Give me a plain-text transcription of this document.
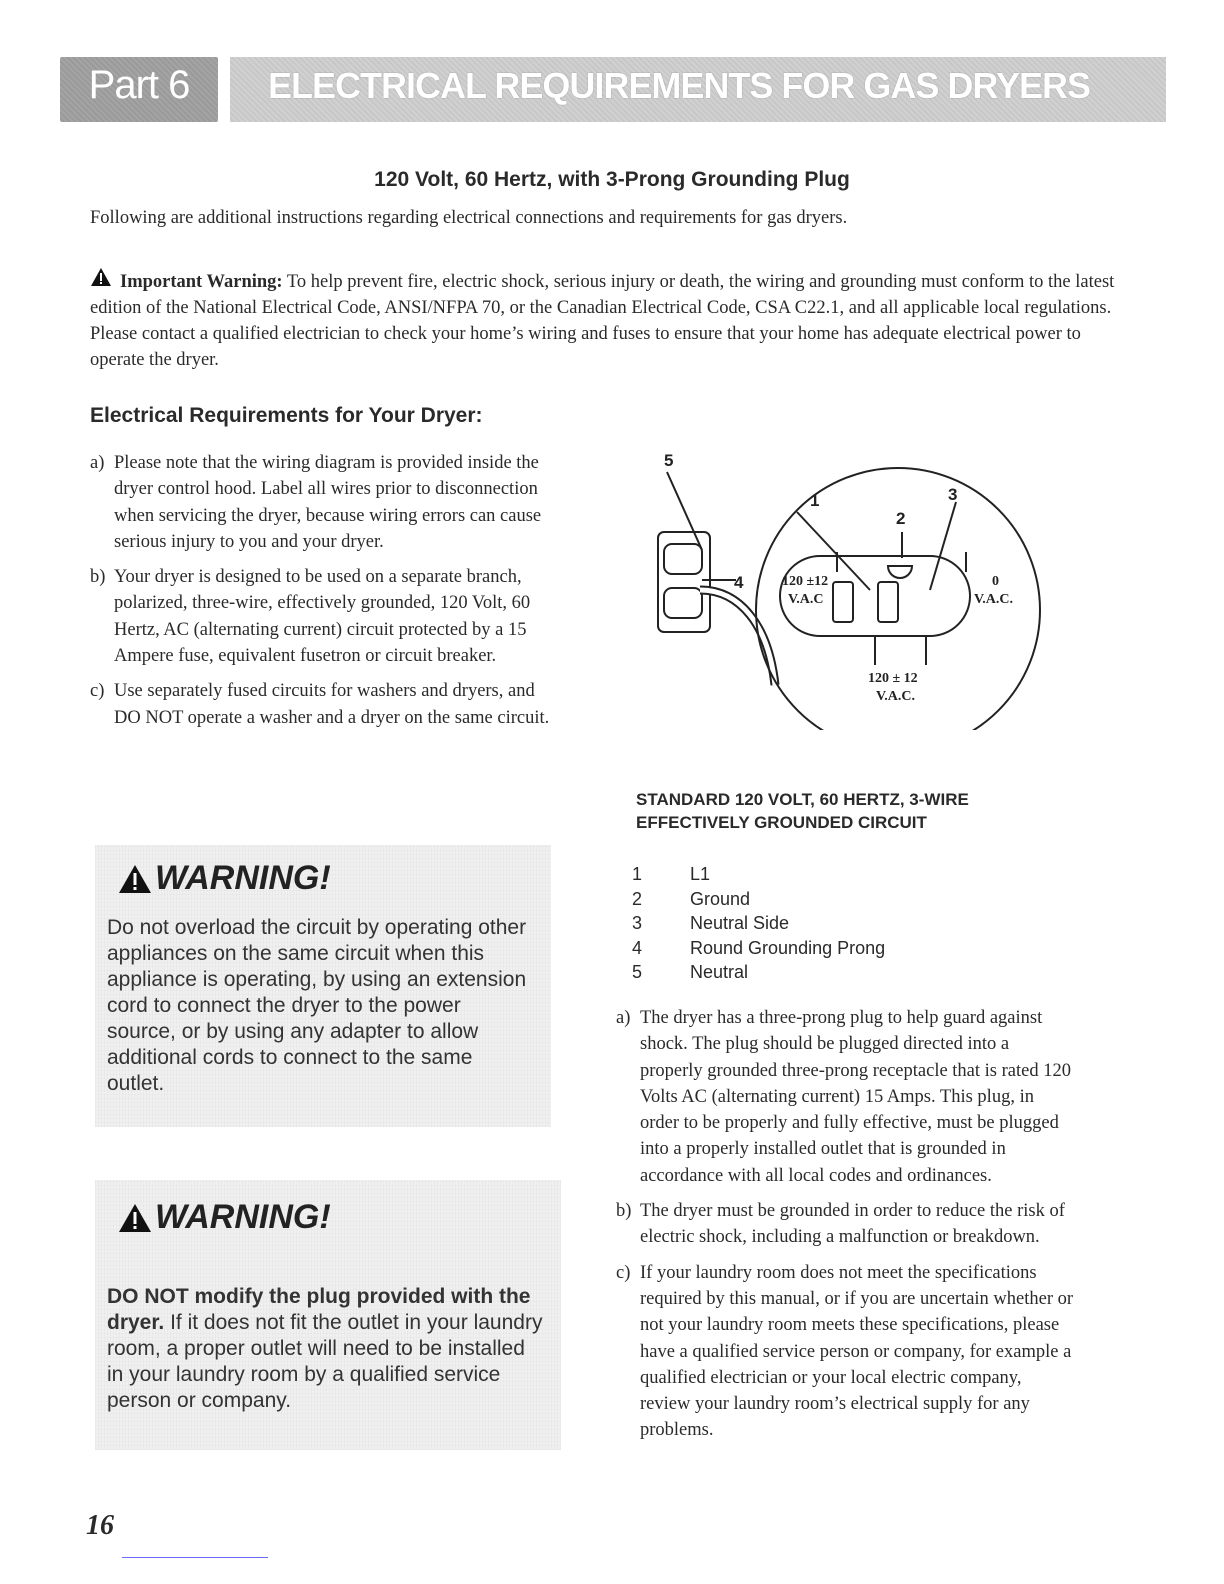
Part 6	ELECTRICAL REQUIREMENTS FOR GAS DRYERS
120 Volt, 60 Hertz, with 3-Prong Grounding Plug
Following are additional instructions regarding electrical connections and requirements for gas dryers.
Important Warning: To help prevent fire, electric shock, serious injury or death, the wiring and grounding must conform to the latest edition of the National Electrical Code, ANSI/NFPA 70, or the Canadian Electrical Code, CSA C22.1, and all applicable local regulations. Please contact a qualified electrician to check your home’s wiring and fuses to ensure that your home has adequate electrical power to operate the dryer.
Electrical Requirements for Your Dryer:
a) Please note that the wiring diagram is provided inside the dryer control hood. Label all wires prior to disconnection when servicing the dryer, because wiring errors can cause serious injury to you and your dryer.
b) Your dryer is designed to be used on a separate branch, polarized, three-wire, effectively grounded, 120 Volt, 60 Hertz, AC (alternating current) circuit protected by a 15 Ampere fuse, equivalent fusetron or circuit breaker.
c) Use separately fused circuits for washers and dryers, and DO NOT operate a washer and a dryer on the same circuit.
WARNING!
Do not overload the circuit by operating other appliances on the same circuit when this appliance is operating, by using an extension cord to connect the dryer to the power source, or by using any adapter to allow additional cords to connect to the same outlet.
WARNING!
DO NOT modify the plug provided with the dryer. If it does not fit the outlet in your laundry room, a proper outlet will need to be installed in your laundry room by a qualified service person or company.
5
1	3
2
4	120 ±12
V.A.C
0
V.A.C.
120 ± 12
V.A.C.
STANDARD 120 VOLT, 60 HERTZ, 3-WIRE EFFECTIVELY GROUNDED CIRCUIT
1	L1
2	Ground
3	Neutral Side
4	Round Grounding Prong
5	Neutral
a) The dryer has a three-prong plug to help guard against shock. The plug should be plugged directed into a properly grounded three-prong receptacle that is rated 120 Volts AC (alternating current) 15 Amps. This plug, in order to be properly and fully effective, must be plugged into a properly installed outlet that is grounded in accordance with all local codes and ordinances.
b) The dryer must be grounded in order to reduce the risk of electric shock, including a malfunction or breakdown.
c) If your laundry room does not meet the specifications required by this manual, or if you are uncertain whether or not your laundry room meets these specifications, please have a qualified service person or company, for example a qualified electrician or your local electric company, review your laundry room’s electrical supply for any problems.
16
